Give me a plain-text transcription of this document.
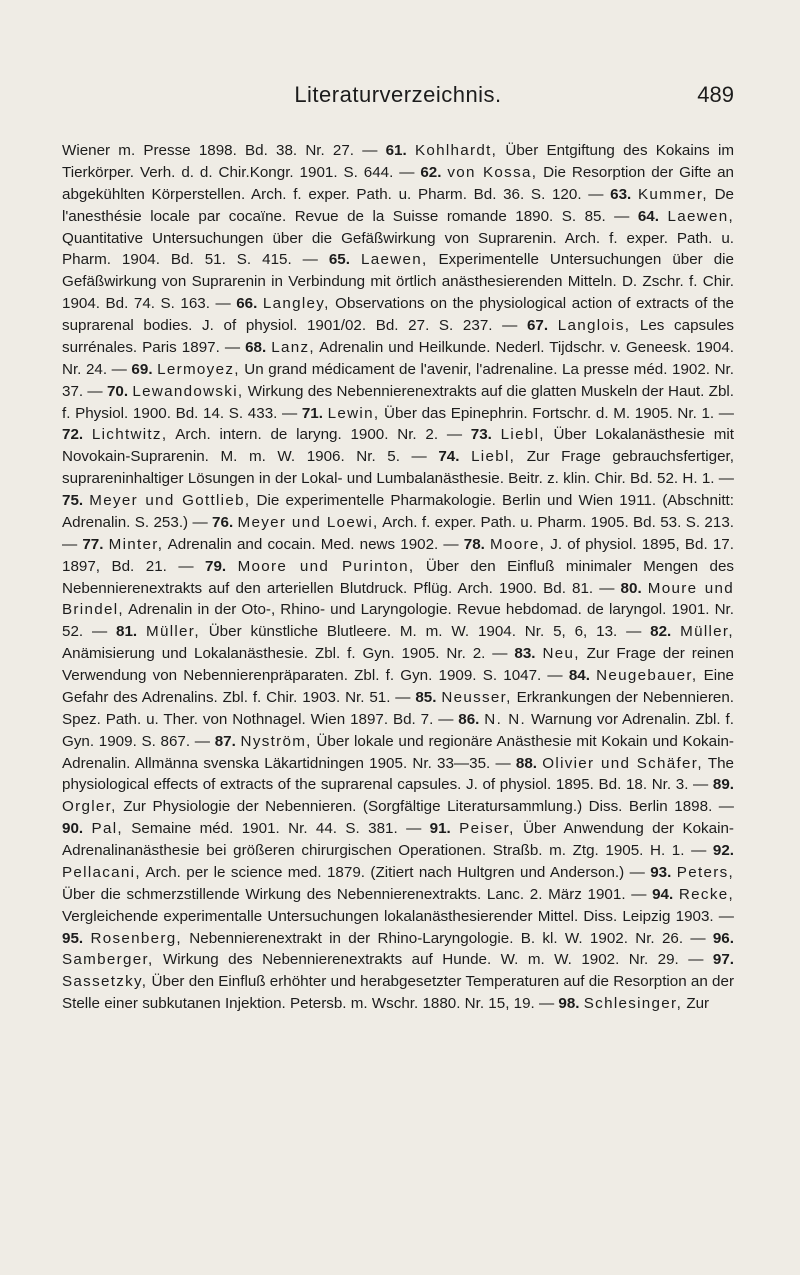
Literaturverzeichnis.	489
Wiener m. Presse 1898. Bd. 38. Nr. 27. — 61. Kohlhardt, Über Entgiftung des Kokains im Tierkörper. Verh. d. d. Chir.Kongr. 1901. S. 644. — 62. von Kossa, Die Resorption der Gifte an abgekühlten Körperstellen. Arch. f. exper. Path. u. Pharm. Bd. 36. S. 120. — 63. Kummer, De l'anesthésie locale par cocaïne. Revue de la Suisse romande 1890. S. 85. — 64. Laewen, Quantitative Untersuchungen über die Gefäßwirkung von Suprarenin. Arch. f. exper. Path. u. Pharm. 1904. Bd. 51. S. 415. — 65. Laewen, Experimentelle Untersuchungen über die Gefäßwirkung von Suprarenin in Verbindung mit örtlich anästhesierenden Mitteln. D. Zschr. f. Chir. 1904. Bd. 74. S. 163. — 66. Langley, Observations on the physiological action of extracts of the suprarenal bodies. J. of physiol. 1901/02. Bd. 27. S. 237. — 67. Langlois, Les capsules surrénales. Paris 1897. — 68. Lanz, Adrenalin und Heilkunde. Nederl. Tijdschr. v. Geneesk. 1904. Nr. 24. — 69. Lermoyez, Un grand médicament de l'avenir, l'adrenaline. La presse méd. 1902. Nr. 37. — 70. Lewandowski, Wirkung des Nebennierenextrakts auf die glatten Muskeln der Haut. Zbl. f. Physiol. 1900. Bd. 14. S. 433. — 71. Lewin, Über das Epinephrin. Fortschr. d. M. 1905. Nr. 1. — 72. Lichtwitz, Arch. intern. de laryng. 1900. Nr. 2. — 73. Liebl, Über Lokalanästhesie mit Novokain-Suprarenin. M. m. W. 1906. Nr. 5. — 74. Liebl, Zur Frage gebrauchsfertiger, suprareninhaltiger Lösungen in der Lokal- und Lumbalanästhesie. Beitr. z. klin. Chir. Bd. 52. H. 1. — 75. Meyer und Gottlieb, Die experimentelle Pharmakologie. Berlin und Wien 1911. (Abschnitt: Adrenalin. S. 253.) — 76. Meyer und Loewi, Arch. f. exper. Path. u. Pharm. 1905. Bd. 53. S. 213. — 77. Minter, Adrenalin and cocain. Med. news 1902. — 78. Moore, J. of physiol. 1895, Bd. 17. 1897, Bd. 21. — 79. Moore und Purinton, Über den Einfluß minimaler Mengen des Nebennierenextrakts auf den arteriellen Blutdruck. Pflüg. Arch. 1900. Bd. 81. — 80. Moure und Brindel, Adrenalin in der Oto-, Rhino- und Laryngologie. Revue hebdomad. de laryngol. 1901. Nr. 52. — 81. Müller, Über künstliche Blutleere. M. m. W. 1904. Nr. 5, 6, 13. — 82. Müller, Anämisierung und Lokalanästhesie. Zbl. f. Gyn. 1905. Nr. 2. — 83. Neu, Zur Frage der reinen Verwendung von Nebennierenpräparaten. Zbl. f. Gyn. 1909. S. 1047. — 84. Neugebauer, Eine Gefahr des Adrenalins. Zbl. f. Chir. 1903. Nr. 51. — 85. Neusser, Erkrankungen der Nebennieren. Spez. Path. u. Ther. von Nothnagel. Wien 1897. Bd. 7. — 86. N. N. Warnung vor Adrenalin. Zbl. f. Gyn. 1909. S. 867. — 87. Nyström, Über lokale und regionäre Anästhesie mit Kokain und Kokain-Adrenalin. Allmänna svenska Läkartidningen 1905. Nr. 33—35. — 88. Olivier und Schäfer, The physiological effects of extracts of the suprarenal capsules. J. of physiol. 1895. Bd. 18. Nr. 3. — 89. Orgler, Zur Physiologie der Nebennieren. (Sorgfältige Literatursammlung.) Diss. Berlin 1898. — 90. Pal, Semaine méd. 1901. Nr. 44. S. 381. — 91. Peiser, Über Anwendung der Kokain-Adrenalinanästhesie bei größeren chirurgischen Operationen. Straßb. m. Ztg. 1905. H. 1. — 92. Pellacani, Arch. per le science med. 1879. (Zitiert nach Hultgren und Anderson.) — 93. Peters, Über die schmerzstillende Wirkung des Nebennierenextrakts. Lanc. 2. März 1901. — 94. Recke, Vergleichende experimentalle Untersuchungen lokalanästhesierender Mittel. Diss. Leipzig 1903. — 95. Rosenberg, Nebennierenextrakt in der Rhino-Laryngologie. B. kl. W. 1902. Nr. 26. — 96. Samberger, Wirkung des Nebennierenextrakts auf Hunde. W. m. W. 1902. Nr. 29. — 97. Sassetzky, Über den Einfluß erhöhter und herabgesetzter Temperaturen auf die Resorption an der Stelle einer subkutanen Injektion. Petersb. m. Wschr. 1880. Nr. 15, 19. — 98. Schlesinger, Zur
